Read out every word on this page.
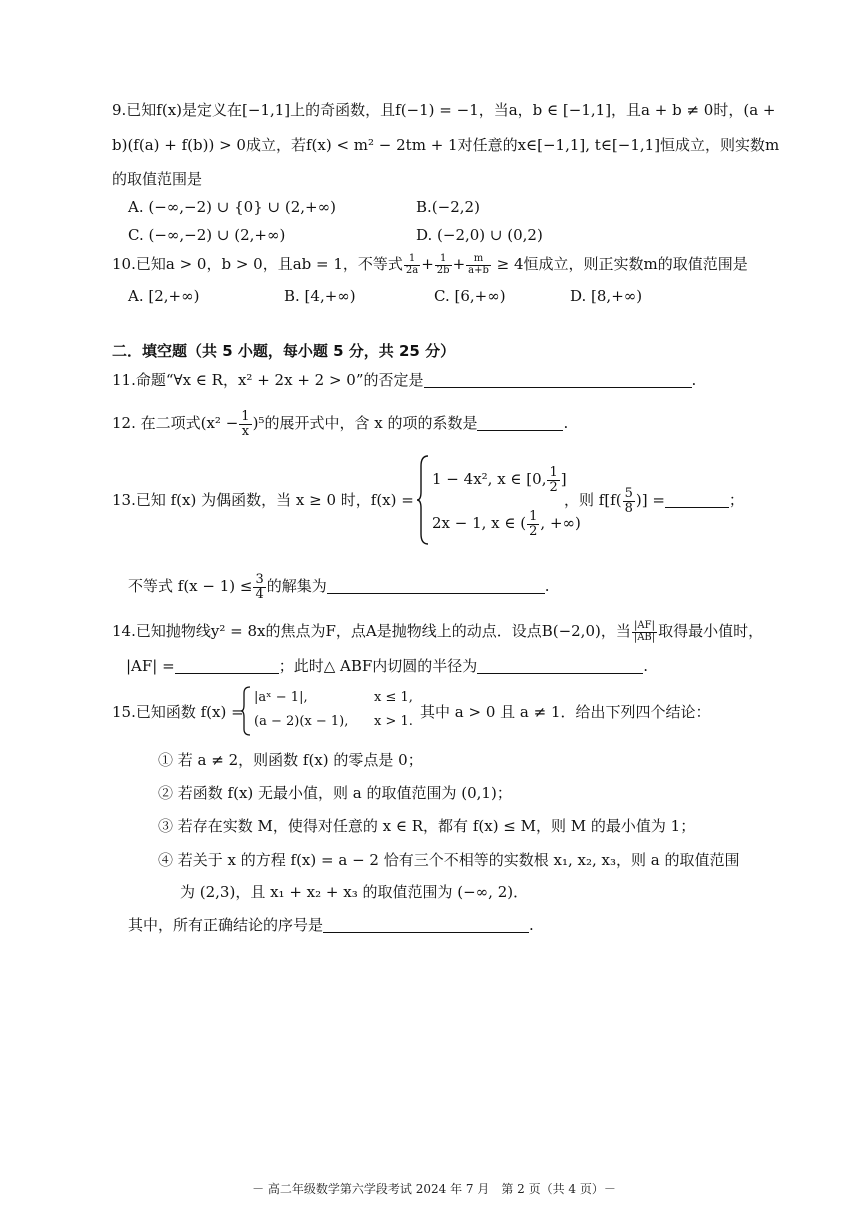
9.已知f(x)是定义在[−1,1]上的奇函数，且f(−1) = −1，当a，b ∈ [−1,1]，且a + b ≠ 0时，(a +
b)(f(a) + f(b)) > 0成立，若f(x) < m² − 2tm + 1对任意的x∈[−1,1], t∈[−1,1]恒成立，则实数m
的取值范围是
A. (−∞,−2) ∪ {0} ∪ (2,+∞)	B.(−2,2)
C. (−∞,−2) ∪ (2,+∞)	D. (−2,0) ∪ (0,2)
10.已知a > 0，b > 0，且ab = 1，不等式 $\frac{1}{2a} + \frac{1}{2b} + \frac{m}{a+b} \ge 4$恒成立，则正实数m的取值范围是
A. [2,+∞)	B. [4,+∞)	C. [6,+∞)	D. [8,+∞)
二．填空题（共 5 小题，每小题 5 分，共 25 分）
11.命题“∀x ∈ R，x² + 2x + 2 > 0”的否定是	.
12. 在二项式$(x^2 - \frac{1}{x} )^5$的展开式中，含 x 的项的系数是	.
13.已知 f(x) 为偶函数，当 x ≥ 0 时，f(x) =
1 − 4x², x ∈ [0, $\frac{1}{2}$ ]
2x − 1, x ∈ ( $\frac{1}{2}$ , +∞)
，则 $f[f( \frac{5}{8}$ )] =	；
不等式 $f(x - 1) \le \frac{3}{4}$ 的解集为	.
14.已知抛物线y² = 8x的焦点为F，点A是抛物线上的动点．设点B(−2,0)，当 $\frac{|AF|}{|AB|}$ 取得最小值时，
|AF| =	；此时△ ABF内切圆的半径为	.
15.已知函数 f(x) =
|aˣ − 1|,	x ≤ 1,
(a − 2)(x − 1), x > 1.
其中 a > 0 且 a ≠ 1．给出下列四个结论：
① 若 a ≠ 2，则函数 f(x) 的零点是 0；
② 若函数 f(x) 无最小值，则 a 的取值范围为 (0,1)；
③ 若存在实数 M，使得对任意的 x ∈ R，都有 f(x) ≤ M，则 M 的最小值为 1；
④ 若关于 x 的方程 f(x) = a − 2 恰有三个不相等的实数根 x₁, x₂, x₃，则 a 的取值范围
为 (2,3)，且 x₁ + x₂ + x₃ 的取值范围为 (−∞, 2)．
其中，所有正确结论的序号是	.
－ 高二年级数学第六学段考试 2024 年 7 月　第 2 页（共 4 页）－
